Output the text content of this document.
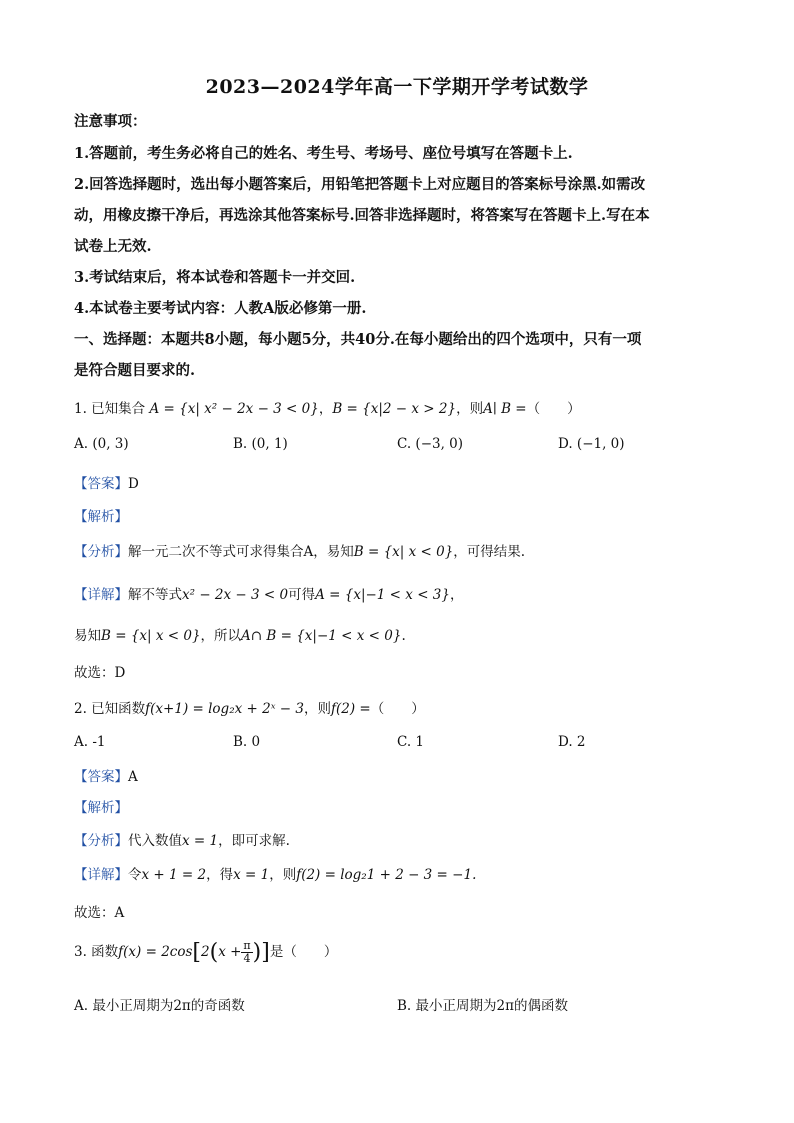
2023—2024学年高一下学期开学考试数学
注意事项：
1.答题前，考生务必将自己的姓名、考生号、考场号、座位号填写在答题卡上.
2.回答选择题时，选出每小题答案后，用铅笔把答题卡上对应题目的答案标号涂黑.如需改
动，用橡皮擦干净后，再选涂其他答案标号.回答非选择题时，将答案写在答题卡上.写在本
试卷上无效.
3.考试结束后，将本试卷和答题卡一并交回.
4.本试卷主要考试内容：人教A版必修第一册.
一、选择题：本题共8小题，每小题5分，共40分.在每小题给出的四个选项中，只有一项
是符合题目要求的.
1. 已知集合 A = {x| x² − 2x − 3 < 0}，B = {x|2 − x > 2}，则A∣ B =（　　）
A. (0, 3)	B. (0, 1)	C. (−3, 0)	D. (−1, 0)
【答案】D
【解析】
【分析】解一元二次不等式可求得集合A，易知B = {x| x < 0}，可得结果.
【详解】解不等式x² − 2x − 3 < 0可得A = {x|−1 < x < 3}，
易知B = {x| x < 0}，所以A∩ B = {x|−1 < x < 0}.
故选：D
2. 已知函数f(x+1) = log₂x + 2ˣ − 3，则f(2) =（　　）
A. -1	B. 0	C. 1	D. 2
【答案】A
【解析】
【分析】代入数值x = 1，即可求解.
【详解】令x + 1 = 2，得x = 1，则f(2) = log₂1 + 2 − 3 = −1.
故选：A
3. 函数$f(x) = 2\cos[2(x + \frac{\pi}{4}$ )]是（　　）
A. 最小正周期为2π的奇函数	B. 最小正周期为2π的偶函数
